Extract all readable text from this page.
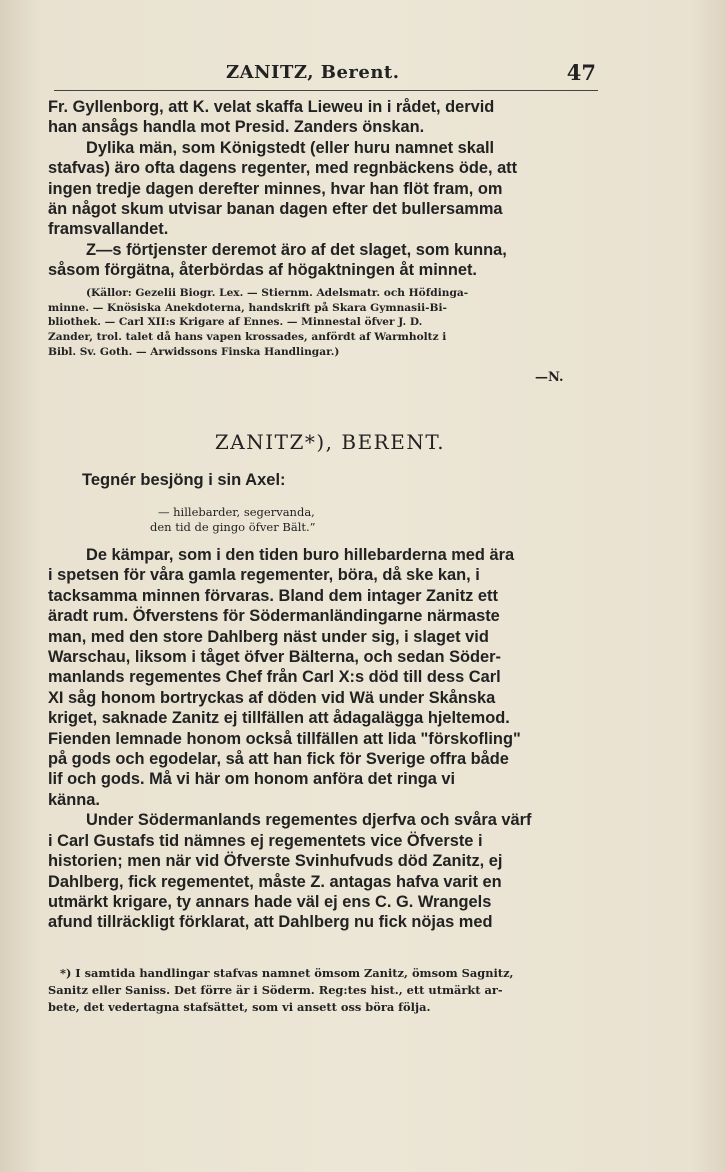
ZANITZ, Berent.	47
Fr. Gyllenborg, att K. velat skaffa Lieweu in i rådet, dervid
han ansågs handla mot Presid. Zanders önskan.
Dylika män, som Königstedt (eller huru namnet skall
stafvas) äro ofta dagens regenter, med regnbäckens öde, att
ingen tredje dagen derefter minnes, hvar han flöt fram, om
än något skum utvisar banan dagen efter det bullersamma
framsvallandet.
Z—s förtjenster deremot äro af det slaget, som kunna,
såsom förgätna, återbördas af högaktningen åt minnet.
(Källor: Gezelii Biogr. Lex. — Stiernm. Adelsmatr. och Höfdinga-
minne. — Knösiska Anekdoterna, handskrift på Skara Gymnasii-Bi-
bliothek. — Carl XII:s Krigare af Ennes. — Minnestal öfver J. D.
Zander, trol. talet då hans vapen krossades, anfördt af Warmholtz i
Bibl. Sv. Goth. — Arwidssons Finska Handlingar.)
—N.
ZANITZ*), BERENT.
Tegnér besjöng i sin Axel:
— hillebarder, segervanda,
den tid de gingo öfver Bält.”
De kämpar, som i den tiden buro hillebarderna med ära
i spetsen för våra gamla regementer, böra, då ske kan, i
tacksamma minnen förvaras. Bland dem intager Zanitz ett
äradt rum. Öfverstens för Södermanländingarne närmaste
man, med den store Dahlberg näst under sig, i slaget vid
Warschau, liksom i tåget öfver Bälterna, och sedan Söder-
manlands regementes Chef från Carl X:s död till dess Carl
XI såg honom bortryckas af döden vid Wä under Skånska
kriget, saknade Zanitz ej tillfällen att ådagalägga hjeltemod.
Fienden lemnade honom också tillfällen att lida "förskofling"
på gods och egodelar, så att han fick för Sverige offra både
lif och gods. Må vi här om honom anföra det ringa vi
känna.
Under Södermanlands regementes djerfva och svåra värf
i Carl Gustafs tid nämnes ej regementets vice Öfverste i
historien; men när vid Öfverste Svinhufvuds död Zanitz, ej
Dahlberg, fick regementet, måste Z. antagas hafva varit en
utmärkt krigare, ty annars hade väl ej ens C. G. Wrangels
afund tillräckligt förklarat, att Dahlberg nu fick nöjas med
*) I samtida handlingar stafvas namnet ömsom Zanitz, ömsom Sagnitz,
Sanitz eller Saniss. Det förre är i Söderm. Reg:tes hist., ett utmärkt ar-
bete, det vedertagna stafsättet, som vi ansett oss böra följa.
